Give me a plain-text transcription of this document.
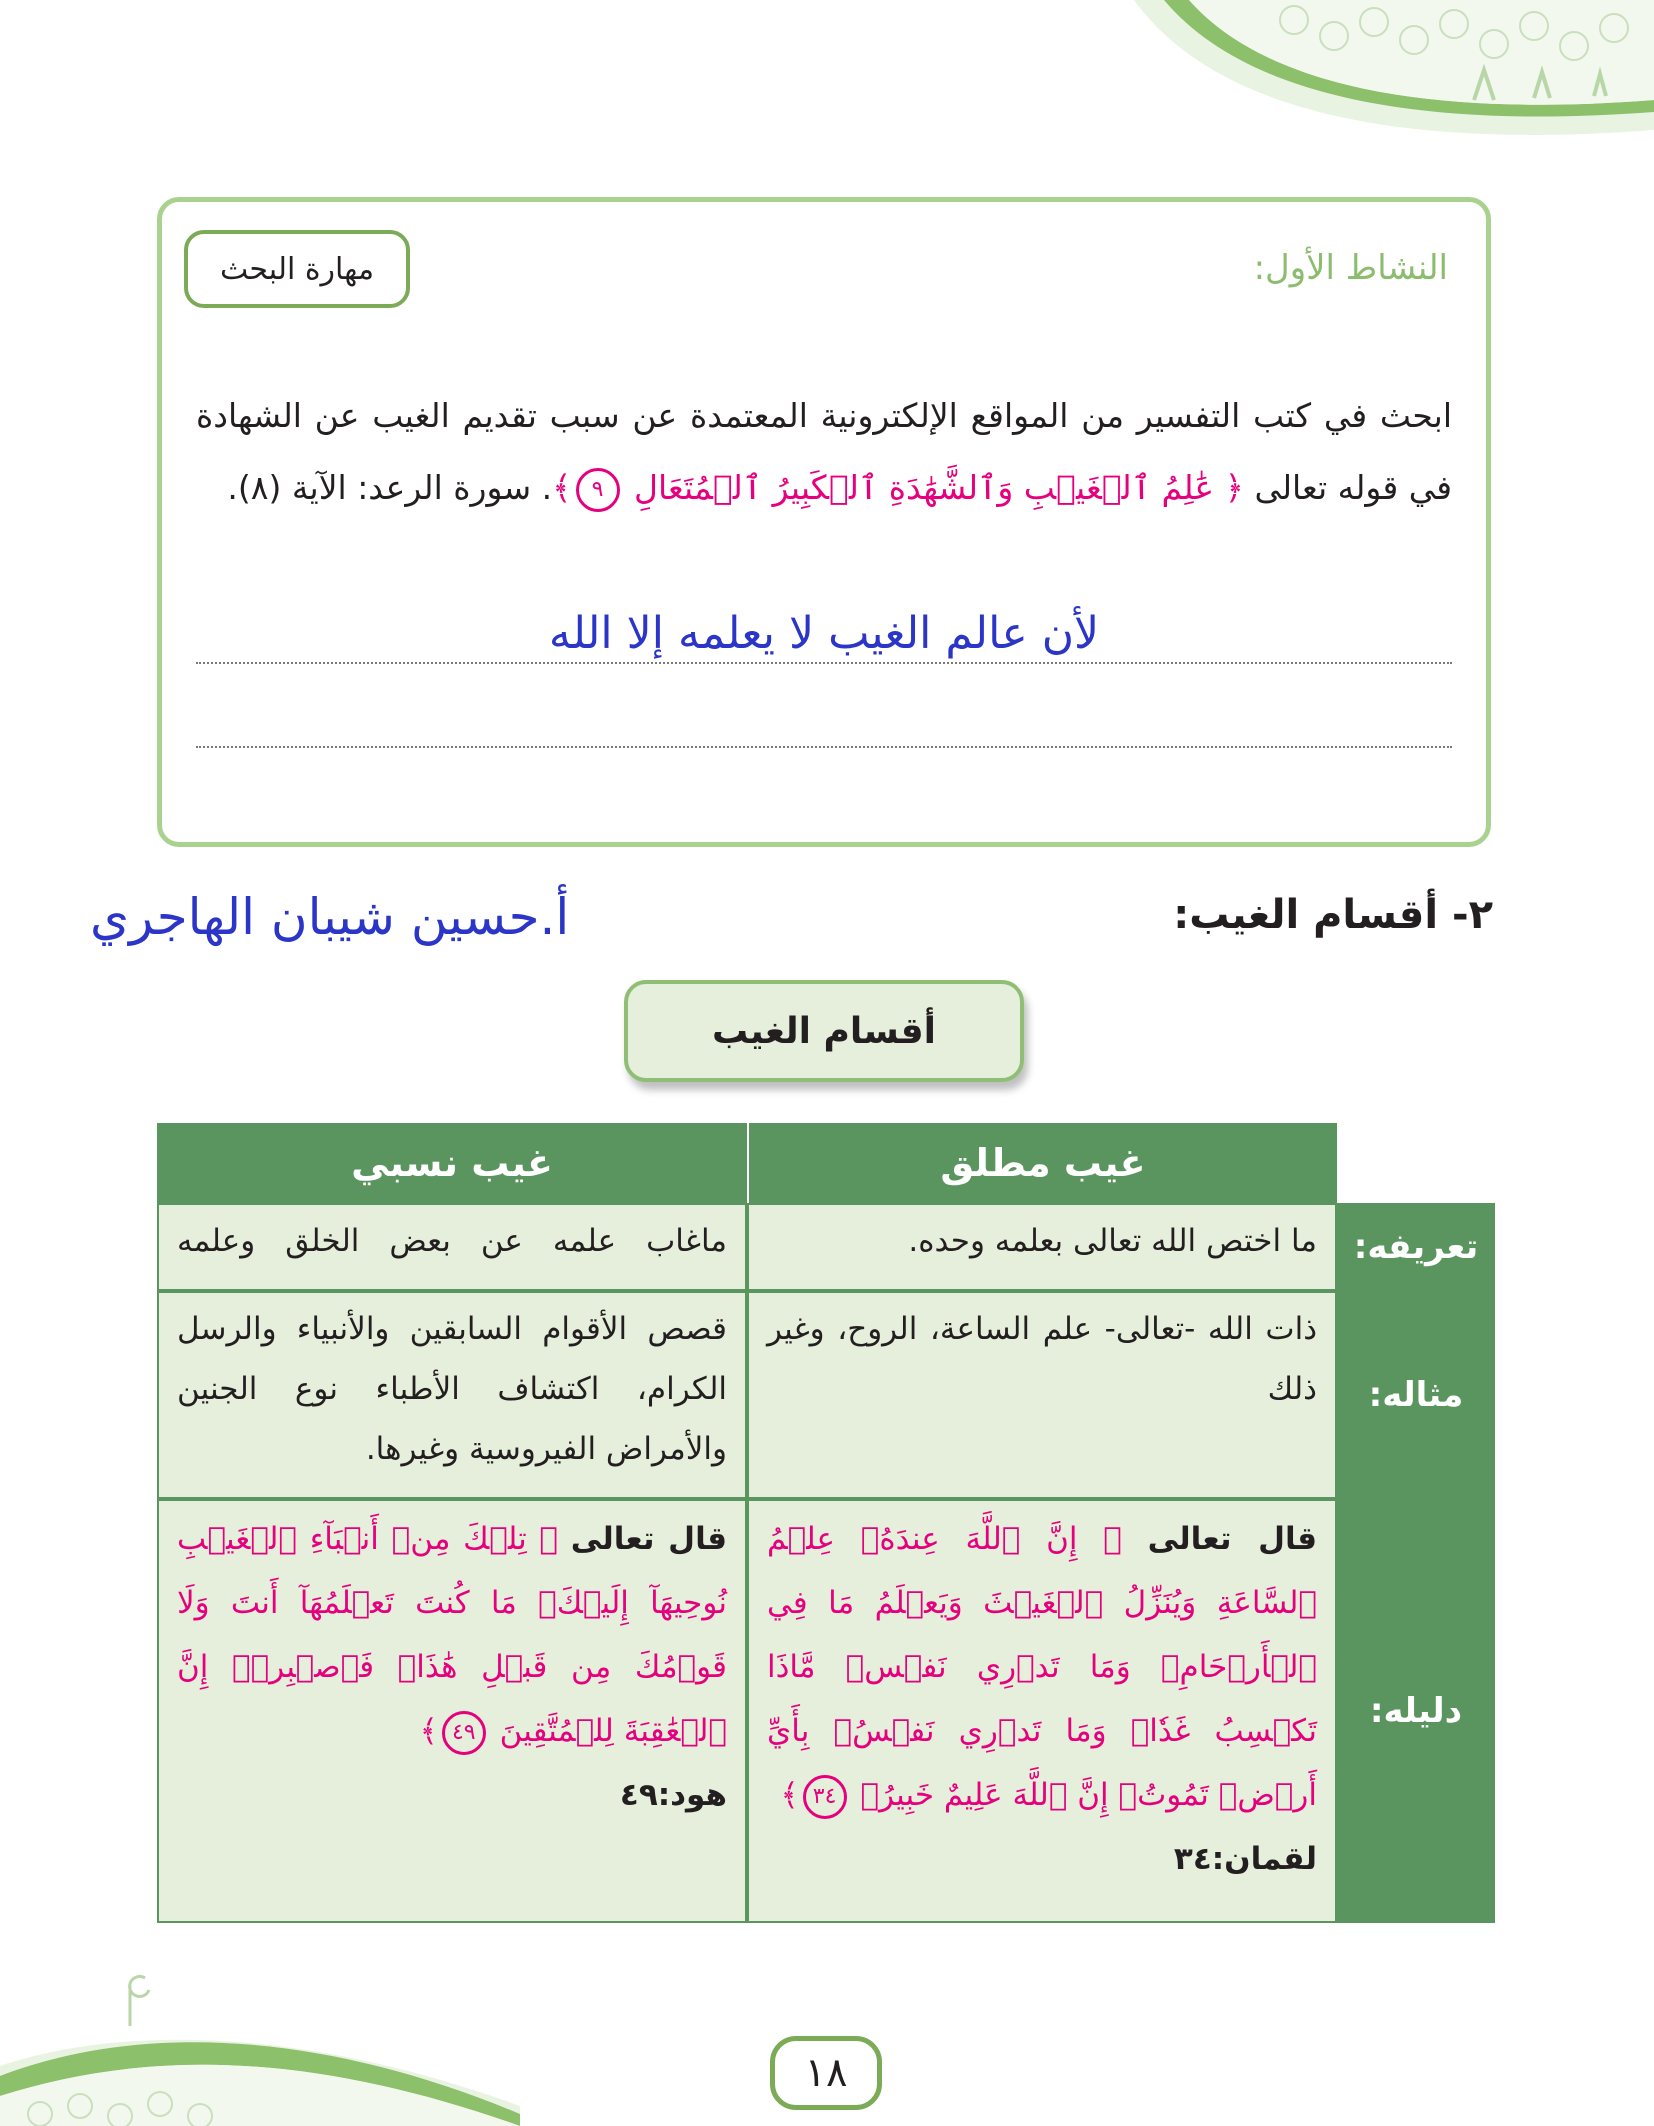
النشاط الأول:
مهارة البحث

ابحث في كتب التفسير من المواقع الإلكترونية المعتمدة عن سبب تقديم الغيب عن الشهادة في قوله تعالى ﴿ عَٰلِمُ ٱلۡغَيۡبِ وَٱلشَّهَٰدَةِ ٱلۡكَبِيرُ ٱلۡمُتَعَالِ ٩﴾. سورة الرعد: الآية (٨).

لأن عالم الغيب لا يعلمه إلا الله

٢- أقسام الغيب:

أ.حسين شيبان الهاجري

أقسام الغيب
غيب مطلق
غيب نسبي
تعريفه:
ما اختص الله تعالى بعلمه وحده.
ماغاب علمه عن بعض الخلق وعلمه
مثاله:
ذات الله -تعالى- علم الساعة، الروح، وغير ذلك
قصص الأقوام السابقين والأنبياء والرسل الكرام، اكتشاف الأطباء نوع الجنين والأمراض الفيروسية وغيرها.
دليله:
قال تعالى ﴿ إِنَّ ٱللَّهَ عِندَهُۥ عِلۡمُ ٱلسَّاعَةِ وَيُنَزِّلُ ٱلۡغَيۡثَ وَيَعۡلَمُ مَا فِي ٱلۡأَرۡحَامِۖ وَمَا تَدۡرِي نَفۡسٞ مَّاذَا تَكۡسِبُ غَدٗاۖ وَمَا تَدۡرِي نَفۡسُۢ بِأَيِّ أَرۡضٖ تَمُوتُۚ إِنَّ ٱللَّهَ عَلِيمٌ خَبِيرُۢ ٣٤﴾
لقمان:٣٤
قال تعالى ﴿ تِلۡكَ مِنۡ أَنۢبَآءِ ٱلۡغَيۡبِ نُوحِيهَآ إِلَيۡكَۖ مَا كُنتَ تَعۡلَمُهَآ أَنتَ وَلَا قَوۡمُكَ مِن قَبۡلِ هَٰذَاۖ فَٱصۡبِرۡۖ إِنَّ ٱلۡعَٰقِبَةَ لِلۡمُتَّقِينَ ٤٩﴾
هود:٤٩
١٨
